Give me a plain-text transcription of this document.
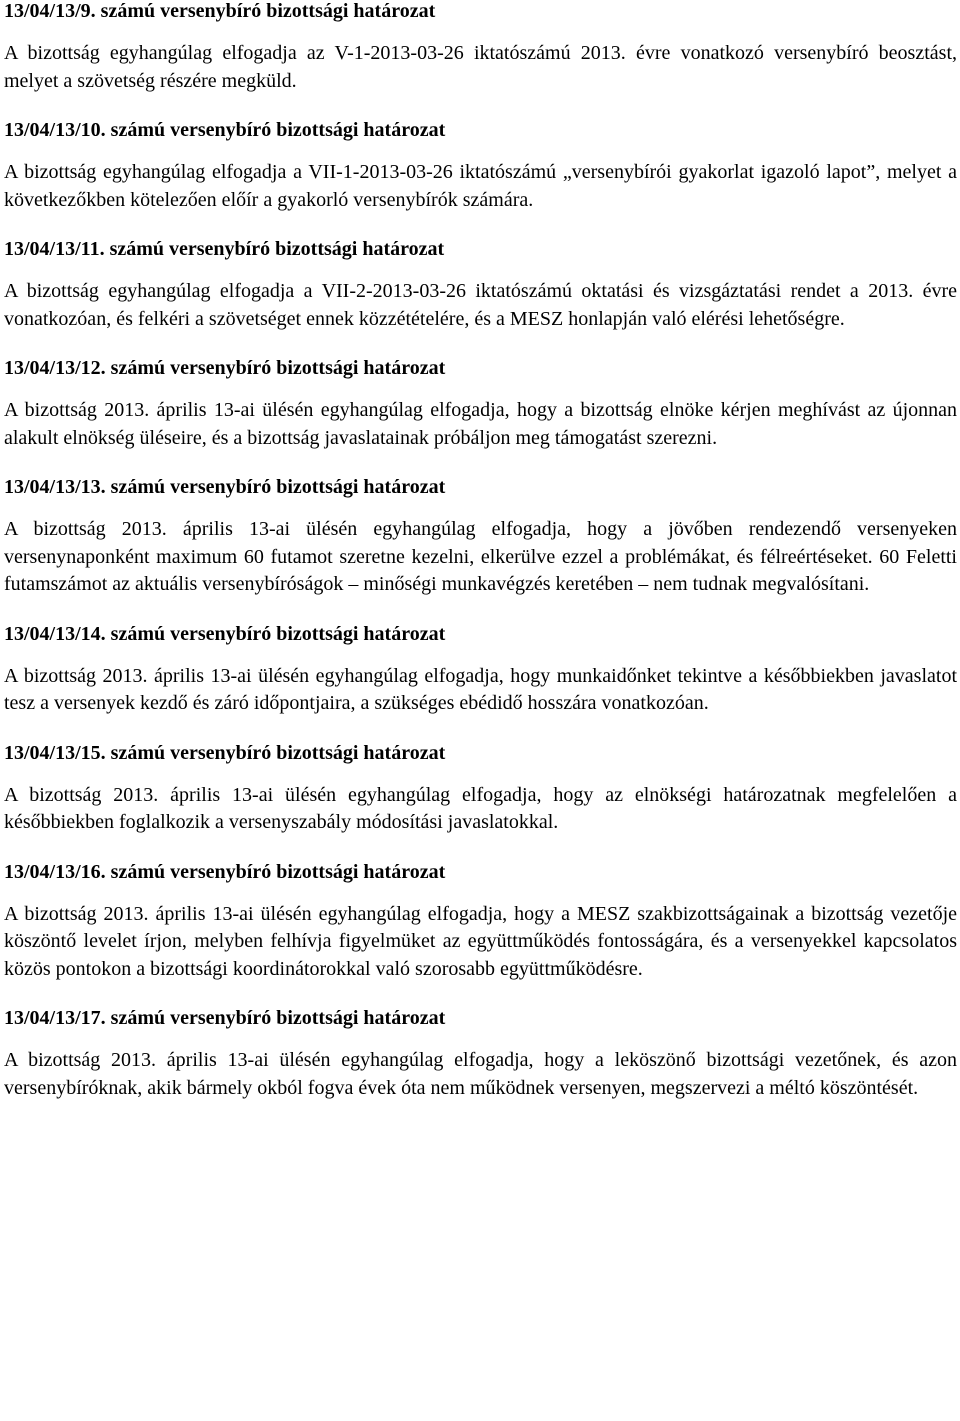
13/04/13/9. számú versenybíró bizottsági határozat

A bizottság egyhangúlag elfogadja az V-1-2013-03-26 iktatószámú 2013. évre vonatkozó versenybíró beosztást, melyet a szövetség részére megküld.

13/04/13/10. számú versenybíró bizottsági határozat

A bizottság egyhangúlag elfogadja a VII-1-2013-03-26 iktatószámú „versenybírói gyakorlat igazoló lapot”, melyet a következőkben kötelezően előír a gyakorló versenybírók számára.

13/04/13/11. számú versenybíró bizottsági határozat

A bizottság egyhangúlag elfogadja a VII-2-2013-03-26 iktatószámú oktatási és vizsgáztatási rendet a 2013. évre vonatkozóan, és felkéri a szövetséget ennek közzétételére, és a MESZ honlapján való elérési lehetőségre.

13/04/13/12. számú versenybíró bizottsági határozat

A bizottság 2013. április 13-ai ülésén egyhangúlag elfogadja, hogy a bizottság elnöke kérjen meghívást az újonnan alakult elnökség üléseire, és a bizottság javaslatainak próbáljon meg támogatást szerezni.

13/04/13/13. számú versenybíró bizottsági határozat

A bizottság 2013. április 13-ai ülésén egyhangúlag elfogadja, hogy a jövőben rendezendő versenyeken versenynaponként maximum 60 futamot szeretne kezelni, elkerülve ezzel a problémákat, és félreértéseket. 60 Feletti futamszámot az aktuális versenybíróságok – minőségi munkavégzés keretében – nem tudnak megvalósítani.

13/04/13/14. számú versenybíró bizottsági határozat

A bizottság 2013. április 13-ai ülésén egyhangúlag elfogadja, hogy munkaidőnket tekintve a későbbiekben javaslatot tesz a versenyek kezdő és záró időpontjaira, a szükséges ebédidő hosszára vonatkozóan.

13/04/13/15. számú versenybíró bizottsági határozat

A bizottság 2013. április 13-ai ülésén egyhangúlag elfogadja, hogy az elnökségi határozatnak megfelelően a későbbiekben foglalkozik a versenyszabály módosítási javaslatokkal.

13/04/13/16. számú versenybíró bizottsági határozat

A bizottság 2013. április 13-ai ülésén egyhangúlag elfogadja, hogy a MESZ szakbizottságainak a bizottság vezetője köszöntő levelet írjon, melyben felhívja figyelmüket az együttműködés fontosságára, és a versenyekkel kapcsolatos közös pontokon a bizottsági koordinátorokkal való szorosabb együttműködésre.

13/04/13/17. számú versenybíró bizottsági határozat

A bizottság 2013. április 13-ai ülésén egyhangúlag elfogadja, hogy a leköszönő bizottsági vezetőnek, és azon versenybíróknak, akik bármely okból fogva évek óta nem működnek versenyen, megszervezi a méltó köszöntését.
